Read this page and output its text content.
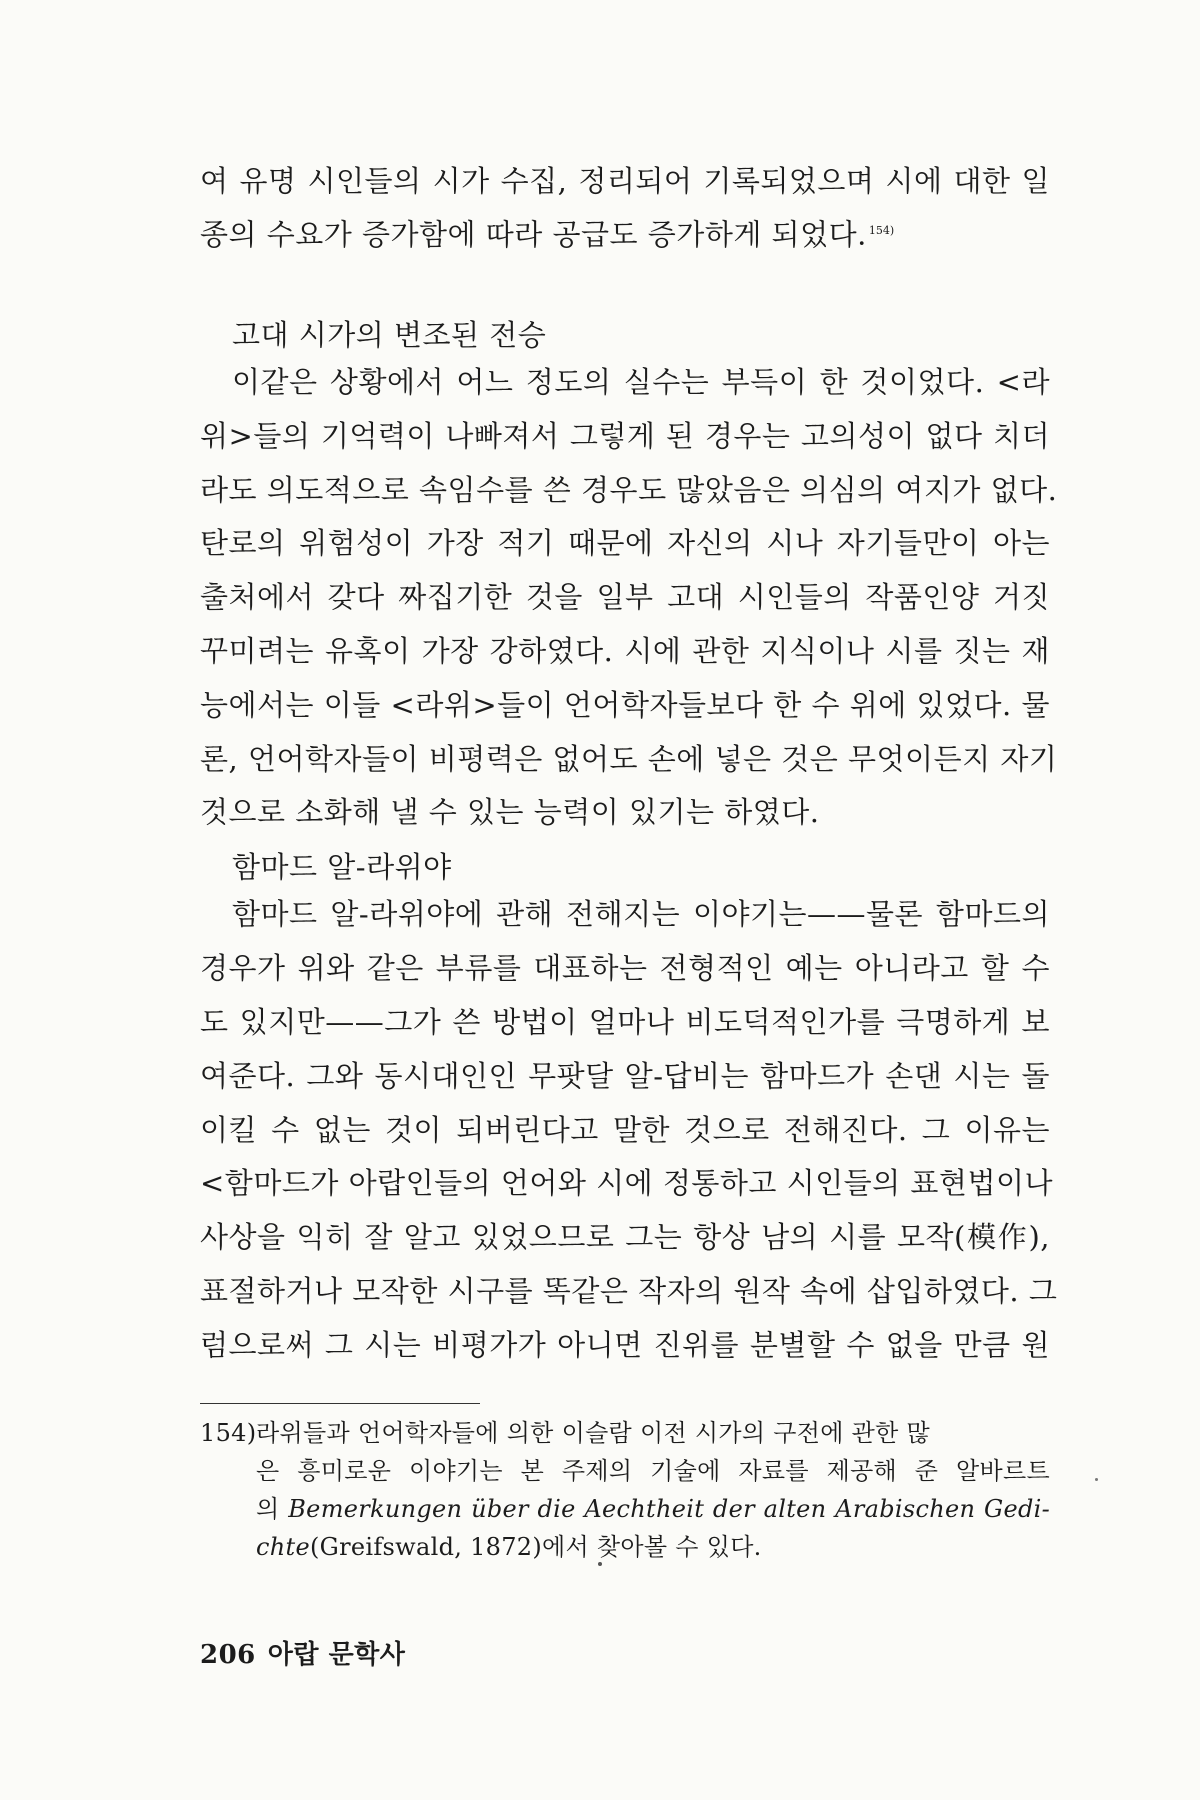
여 유명 시인들의 시가 수집, 정리되어 기록되었으며 시에 대한 일
종의 수요가 증가함에 따라 공급도 증가하게 되었다. $^{154)}$
고대 시가의 변조된 전승
이같은 상황에서 어느 정도의 실수는 부득이 한 것이었다. <라
위>들의 기억력이 나빠져서 그렇게 된 경우는 고의성이 없다 치더
라도 의도적으로 속임수를 쓴 경우도 많았음은 의심의 여지가 없다.
탄로의 위험성이 가장 적기 때문에 자신의 시나 자기들만이 아는
출처에서 갖다 짜집기한 것을 일부 고대 시인들의 작품인양 거짓
꾸미려는 유혹이 가장 강하였다. 시에 관한 지식이나 시를 짓는 재
능에서는 이들 <라위>들이 언어학자들보다 한 수 위에 있었다. 물
론, 언어학자들이 비평력은 없어도 손에 넣은 것은 무엇이든지 자기
것으로 소화해 낼 수 있는 능력이 있기는 하였다.
함마드 알-라위야
함마드 알-라위야에 관해 전해지는 이야기는——물론 함마드의
경우가 위와 같은 부류를 대표하는 전형적인 예는 아니라고 할 수
도 있지만——그가 쓴 방법이 얼마나 비도덕적인가를 극명하게 보
여준다. 그와 동시대인인 무팟달 알-답비는 함마드가 손댄 시는 돌
이킬 수 없는 것이 되버린다고 말한 것으로 전해진다. 그 이유는
<함마드가 아랍인들의 언어와 시에 정통하고 시인들의 표현법이나
사상을 익히 잘 알고 있었으므로 그는 항상 남의 시를 모작(模作),
표절하거나 모작한 시구를 똑같은 작자의 원작 속에 삽입하였다. 그
럼으로써 그 시는 비평가가 아니면 진위를 분별할 수 없을 만큼 원
154)라위들과 언어학자들에 의한 이슬람 이전 시가의 구전에 관한 많
은 흥미로운 이야기는 본 주제의 기술에 자료를 제공해 준 알바르트
의 Bemerkungen über die Aechtheit der alten Arabischen Gedi-
chte(Greifswald, 1872)에서 찾아볼 수 있다.
206 아랍 문학사
